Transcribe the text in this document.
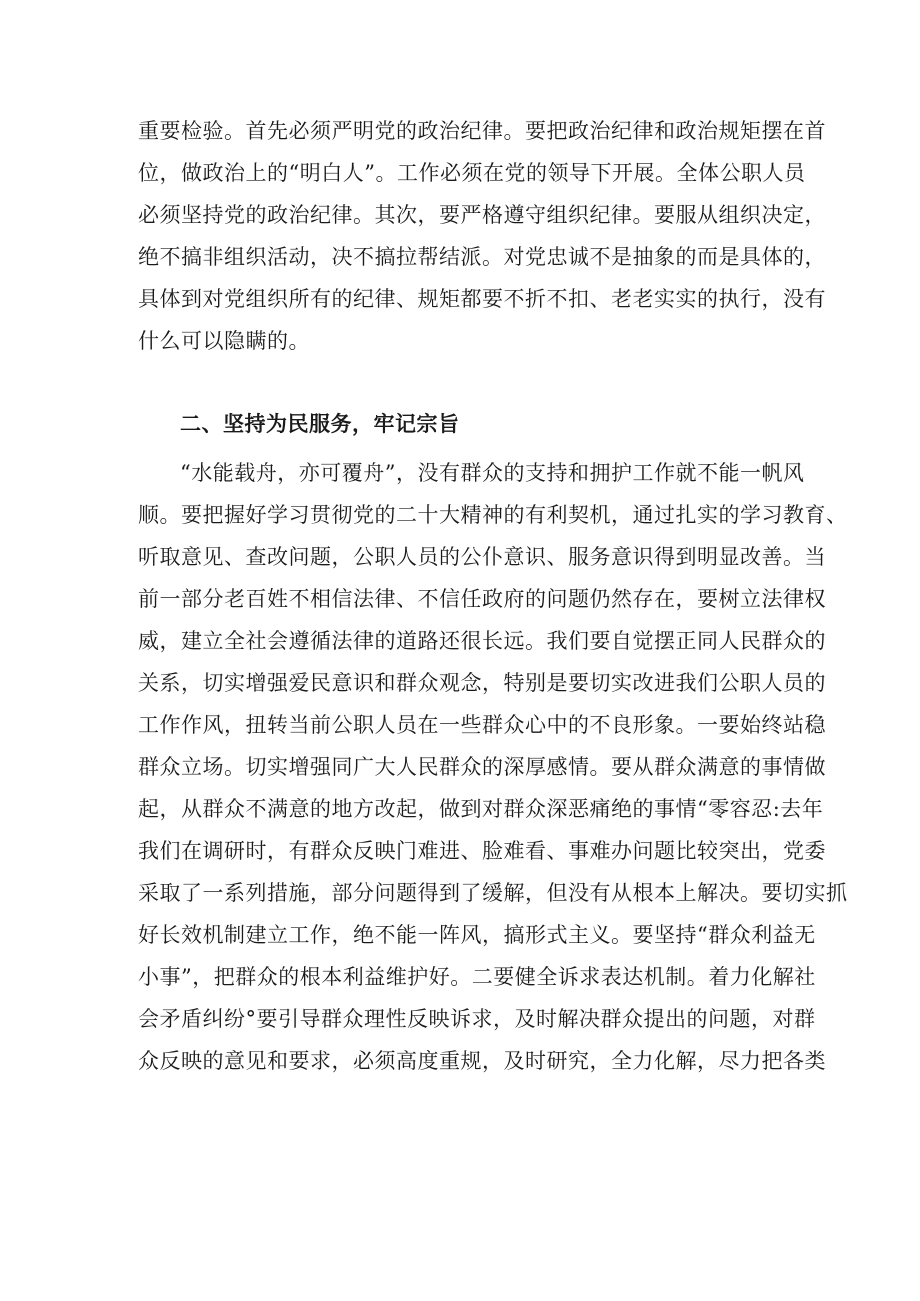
重要检验。首先必须严明党的政治纪律。要把政治纪律和政治规矩摆在首
位，做政治上的“明白人”。工作必须在党的领导下开展。全体公职人员
必须坚持党的政治纪律。其次，要严格遵守组织纪律。要服从组织决定，
绝不搞非组织活动，决不搞拉帮结派。对党忠诚不是抽象的而是具体的，
具体到对党组织所有的纪律、规矩都要不折不扣、老老实实的执行，没有
什么可以隐瞒的。
二、坚持为民服务，牢记宗旨
“水能载舟，亦可覆舟”，没有群众的支持和拥护工作就不能一帆风
顺。要把握好学习贯彻党的二十大精神的有利契机，通过扎实的学习教育、
听取意见、查改问题，公职人员的公仆意识、服务意识得到明显改善。当
前一部分老百姓不相信法律、不信任政府的问题仍然存在，要树立法律权
威，建立全社会遵循法律的道路还很长远。我们要自觉摆正同人民群众的
关系，切实增强爱民意识和群众观念，特别是要切实改进我们公职人员的
工作作风，扭转当前公职人员在一些群众心中的不良形象。一要始终站稳
群众立场。切实增强同广大人民群众的深厚感情。要从群众满意的事情做
起，从群众不满意的地方改起，做到对群众深恶痛绝的事情“零容忍:去年
我们在调研时，有群众反映门难进、脸难看、事难办问题比较突出，党委
采取了一系列措施，部分问题得到了缓解，但没有从根本上解决。要切实抓
好长效机制建立工作，绝不能一阵风，搞形式主义。要坚持“群众利益无
小事”，把群众的根本利益维护好。二要健全诉求表达机制。着力化解社
会矛盾纠纷°要引导群众理性反映诉求，及时解决群众提出的问题，对群
众反映的意见和要求，必须高度重规，及时研究，全力化解，尽力把各类
